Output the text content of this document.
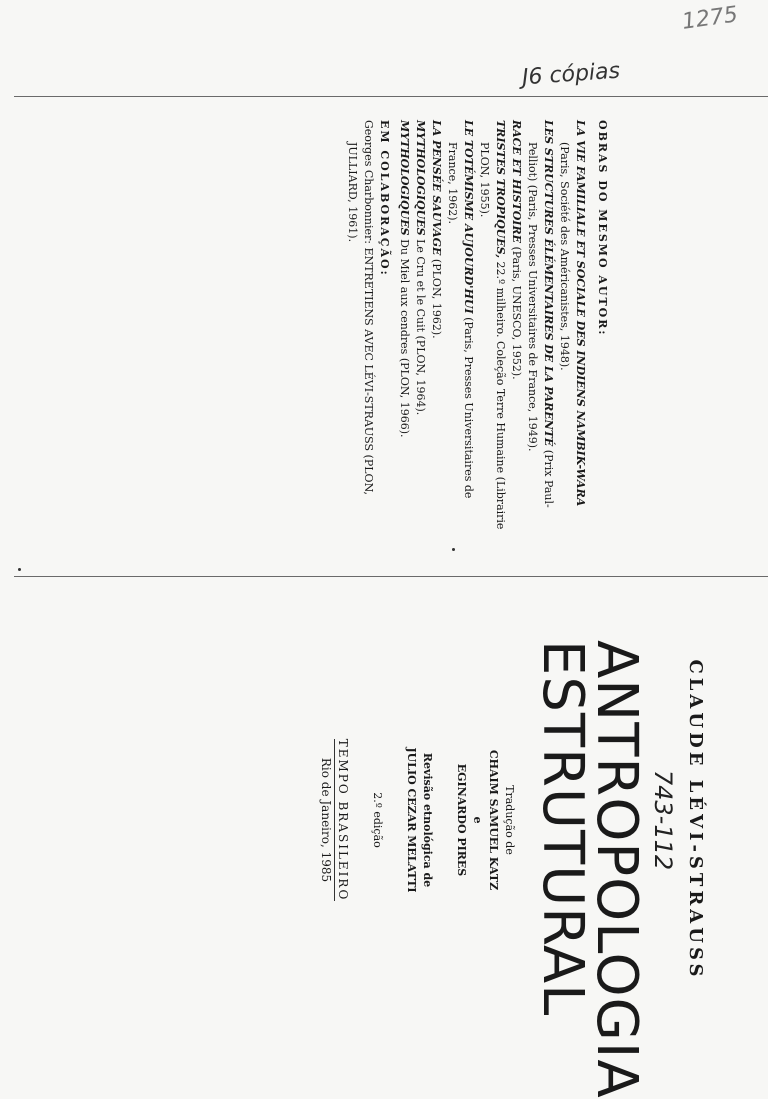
1275
J6 cópias
OBRAS DO MESMO AUTOR:
LA VIE FAMILIALE ET SOCIALE DES INDIENS NAMBIK-WARA (Paris, Société des Américanistes, 1948).
LES STRUCTURES ÉLÉMENTAIRES DE LA PARENTÉ (Prix Paul-Pelliot) (Paris, Presses Universitaires de France, 1949).
RACE ET HISTOIRE (Paris, UNESCO, 1952).
TRISTES TROPIQUES, 22.º milheiro. Coleção Terre Humaine (Librairie PLON, 1955).
LE TOTÉMISME AUJOURD'HUI (Paris, Presses Universitaires de France, 1962).
LA PENSÉE SAUVAGE (PLON, 1962).
MYTHOLOGIQUES Le Cru et le Cuit (PLON, 1964).
MYTHOLOGIQUES Du Miel aux cendres (PLON, 1966).
EM COLABORAÇÃO:
Georges Charbonnier: ENTRETIENS AVEC LÉVI-STRAUSS (PLON, JULLIARD, 1961).
CLAUDE LÉVI-STRAUSS
743-112
ANTROPOLOGIA
ESTRUTURAL
Tradução de
CHAIM SAMUEL KATZ
e
EGINARDO PIRES
Revisão etnológica de
JULIO CEZAR MELATTI
2.º edição
TEMPO BRASILEIRO
Rio de Janeiro, 1985
